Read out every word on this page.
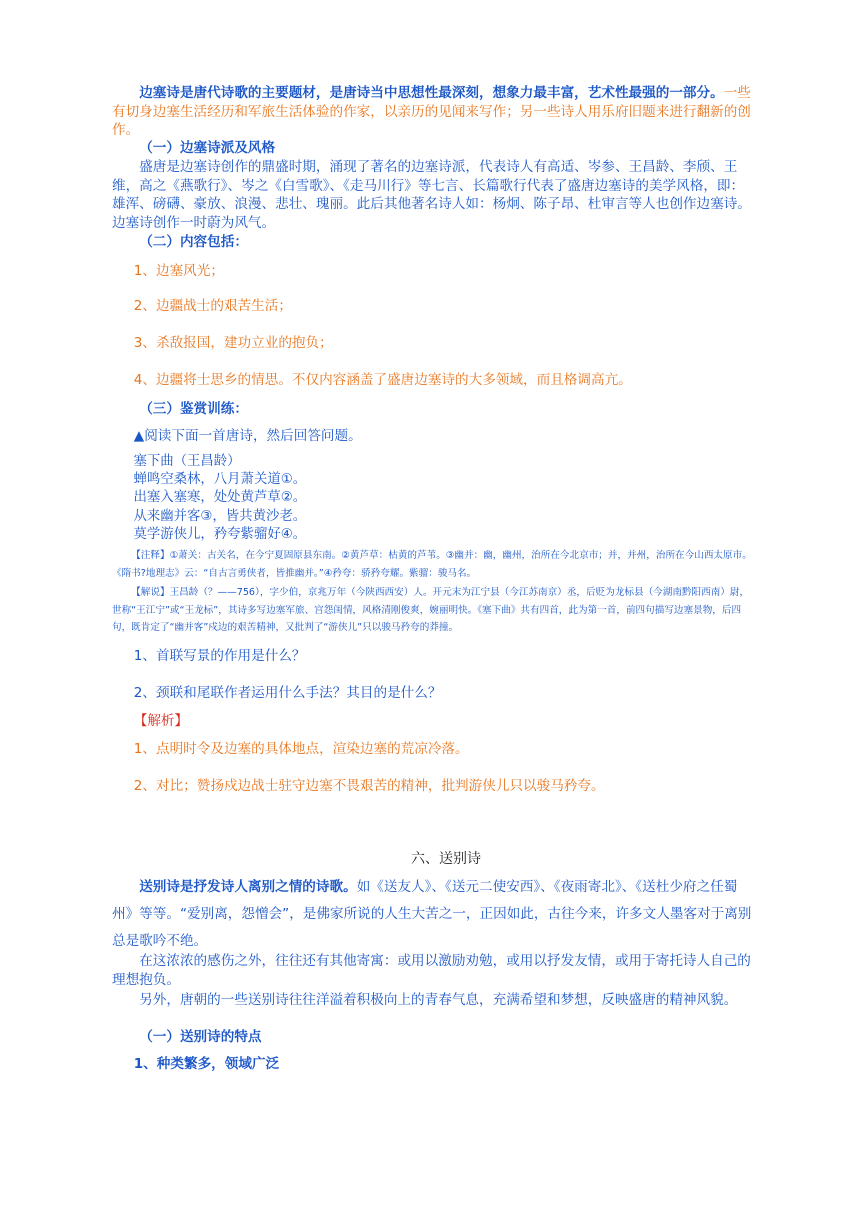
边塞诗是唐代诗歌的主要题材，是唐诗当中思想性最深刻，想象力最丰富，艺术性最强的一部分。一些有切身边塞生活经历和军旅生活体验的作家，以亲历的见闻来写作；另一些诗人用乐府旧题来进行翻新的创作。

（一）边塞诗派及风格

盛唐是边塞诗创作的鼎盛时期，涌现了著名的边塞诗派，代表诗人有高适、岑参、王昌龄、李颀、王维，高之《燕歌行》、岑之《白雪歌》、《走马川行》等七言、长篇歌行代表了盛唐边塞诗的美学风格，即：雄浑、磅礴、豪放、浪漫、悲壮、瑰丽。此后其他著名诗人如：杨炯、陈子昂、杜审言等人也创作边塞诗。边塞诗创作一时蔚为风气。

（二）内容包括：

1、边塞风光；

2、边疆战士的艰苦生活；

3、杀敌报国，建功立业的抱负；

4、边疆将士思乡的情思。不仅内容涵盖了盛唐边塞诗的大多领域，而且格调高亢。

（三）鉴赏训练：

▲阅读下面一首唐诗，然后回答问题。

塞下曲（王昌龄）

蝉鸣空桑林，八月萧关道①。

出塞入塞寒，处处黄芦草②。

从来幽并客③，皆共黄沙老。

莫学游侠儿，矜夸紫骝好④。

【注释】①萧关：古关名，在今宁夏固原县东南。②黄芦草：枯黄的芦苇。③幽并：幽，幽州，治所在今北京市；并，并州，治所在今山西太原市。《隋书?地理志》云：“自古言勇侠者，皆推幽并。”④矜夸：骄矜夸耀。紫骝：骏马名。

【解说】王昌龄（？——756），字少伯，京兆万年（今陕西西安）人。开元末为江宁县（今江苏南京）丞，后贬为龙标县（今湖南黔阳西南）尉，世称“王江宁”或“王龙标”，其诗多写边塞军旅、宫怨闺情，风格清刚俊爽，婉丽明快。《塞下曲》共有四首，此为第一首，前四句描写边塞景物，后四句，既肯定了“幽并客”戍边的艰苦精神，又批判了“游侠儿”只以骏马矜夸的莽撞。

1、首联写景的作用是什么？

2、颈联和尾联作者运用什么手法？其目的是什么？

【解析】

1、点明时令及边塞的具体地点，渲染边塞的荒凉冷落。

2、对比；赞扬戍边战士驻守边塞不畏艰苦的精神，批判游侠儿只以骏马矜夸。

六、送别诗

送别诗是抒发诗人离别之情的诗歌。如《送友人》、《送元二使安西》、《夜雨寄北》、《送杜少府之任蜀州》等等。“爱别离，怨憎会”，是佛家所说的人生大苦之一，正因如此，古往今来，许多文人墨客对于离别总是歌吟不绝。

在这浓浓的感伤之外，往往还有其他寄寓：或用以激励劝勉，或用以抒发友情，或用于寄托诗人自己的理想抱负。

另外，唐朝的一些送别诗往往洋溢着积极向上的青春气息，充满希望和梦想，反映盛唐的精神风貌。

（一）送别诗的特点

1、种类繁多，领域广泛
